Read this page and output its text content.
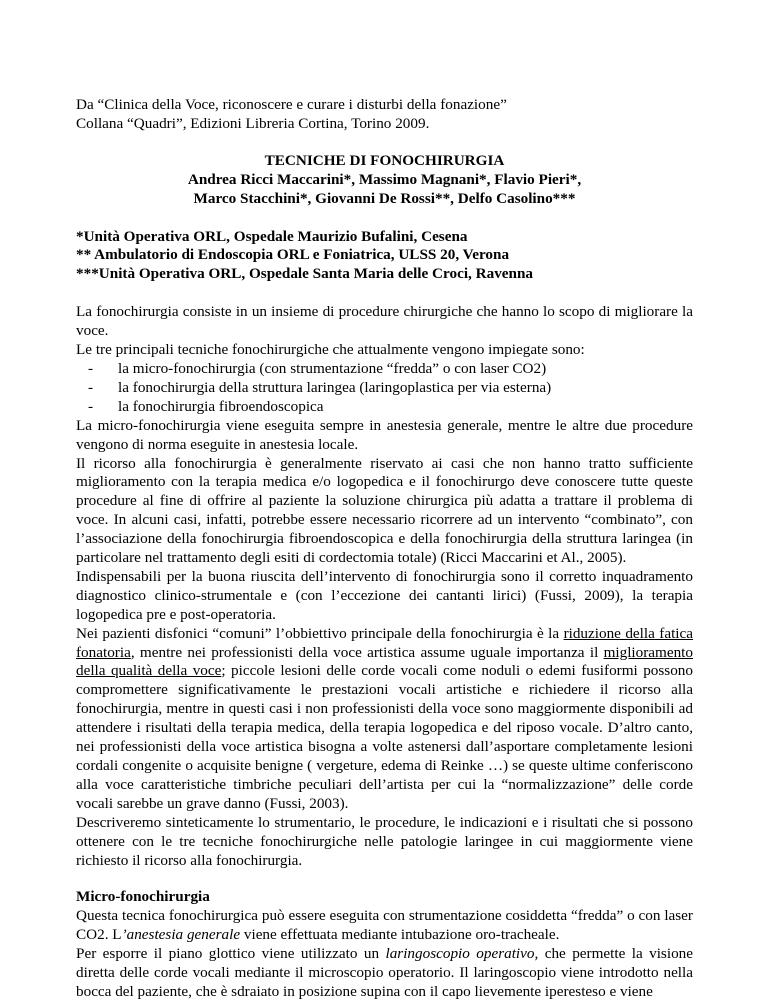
Da “Clinica della Voce, riconoscere e curare i disturbi della fonazione”
Collana “Quadri”, Edizioni Libreria Cortina, Torino 2009.

TECNICHE DI FONOCHIRURGIA
Andrea Ricci Maccarini*, Massimo Magnani*, Flavio Pieri*,
Marco Stacchini*, Giovanni De Rossi**, Delfo Casolino***
*Unità Operativa ORL, Ospedale Maurizio Bufalini, Cesena
** Ambulatorio di Endoscopia ORL e Foniatrica, ULSS 20, Verona
***Unità Operativa ORL, Ospedale Santa Maria delle Croci, Ravenna

La fonochirurgia consiste in un insieme di procedure chirurgiche che hanno lo scopo di migliorare la voce.

Le tre principali tecniche fonochirurgiche che attualmente vengono impiegate sono:

- la micro-fonochirurgia (con strumentazione “fredda” o con laser CO2)
- la fonochirurgia della struttura laringea (laringoplastica per via esterna)
- la fonochirurgia fibroendoscopica

La micro-fonochirurgia viene eseguita sempre in anestesia generale, mentre le altre due procedure vengono di norma eseguite in anestesia locale.

Il ricorso alla fonochirurgia è generalmente riservato ai casi che non hanno tratto sufficiente miglioramento con la terapia medica e/o logopedica e il fonochirurgo deve conoscere tutte queste procedure al fine di offrire al paziente la soluzione chirurgica più adatta a trattare il problema di voce. In alcuni casi, infatti, potrebbe essere necessario ricorrere ad un intervento “combinato”, con l’associazione della fonochirurgia fibroendoscopica e della fonochirurgia della struttura laringea (in particolare nel trattamento degli esiti di cordectomia totale) (Ricci Maccarini et Al., 2005).

Indispensabili per la buona riuscita dell’intervento di fonochirurgia sono il corretto inquadramento diagnostico clinico-strumentale e (con l’eccezione dei cantanti lirici) (Fussi, 2009), la terapia logopedica pre e post-operatoria.

Nei pazienti disfonici “comuni” l’obbiettivo principale della fonochirurgia è la riduzione della fatica fonatoria, mentre nei professionisti della voce artistica assume uguale importanza il miglioramento della qualità della voce; piccole lesioni delle corde vocali come noduli o edemi fusiformi possono compromettere significativamente le prestazioni vocali artistiche e richiedere il ricorso alla fonochirurgia, mentre in questi casi i non professionisti della voce sono maggiormente disponibili ad attendere i risultati della terapia medica, della terapia logopedica e del riposo vocale. D’altro canto, nei professionisti della voce artistica bisogna a volte astenersi dall’asportare completamente lesioni cordali congenite o acquisite benigne ( vergeture, edema di Reinke …) se queste ultime conferiscono alla voce caratteristiche timbriche peculiari dell’artista per cui la “normalizzazione” delle corde vocali sarebbe un grave danno (Fussi, 2003).

Descriveremo sinteticamente lo strumentario, le procedure, le indicazioni e i risultati che si possono ottenere con le tre tecniche fonochirurgiche nelle patologie laringee in cui maggiormente viene richiesto il ricorso alla fonochirurgia.

Micro-fonochirurgia

Questa tecnica fonochirurgica può essere eseguita con strumentazione cosiddetta “fredda” o con laser CO2. L’anestesia generale viene effettuata mediante intubazione oro-tracheale.

Per esporre il piano glottico viene utilizzato un laringoscopio operativo, che permette la visione diretta delle corde vocali mediante il microscopio operatorio. Il laringoscopio viene introdotto nella bocca del paziente, che è sdraiato in posizione supina con il capo lievemente iperesteso e viene
